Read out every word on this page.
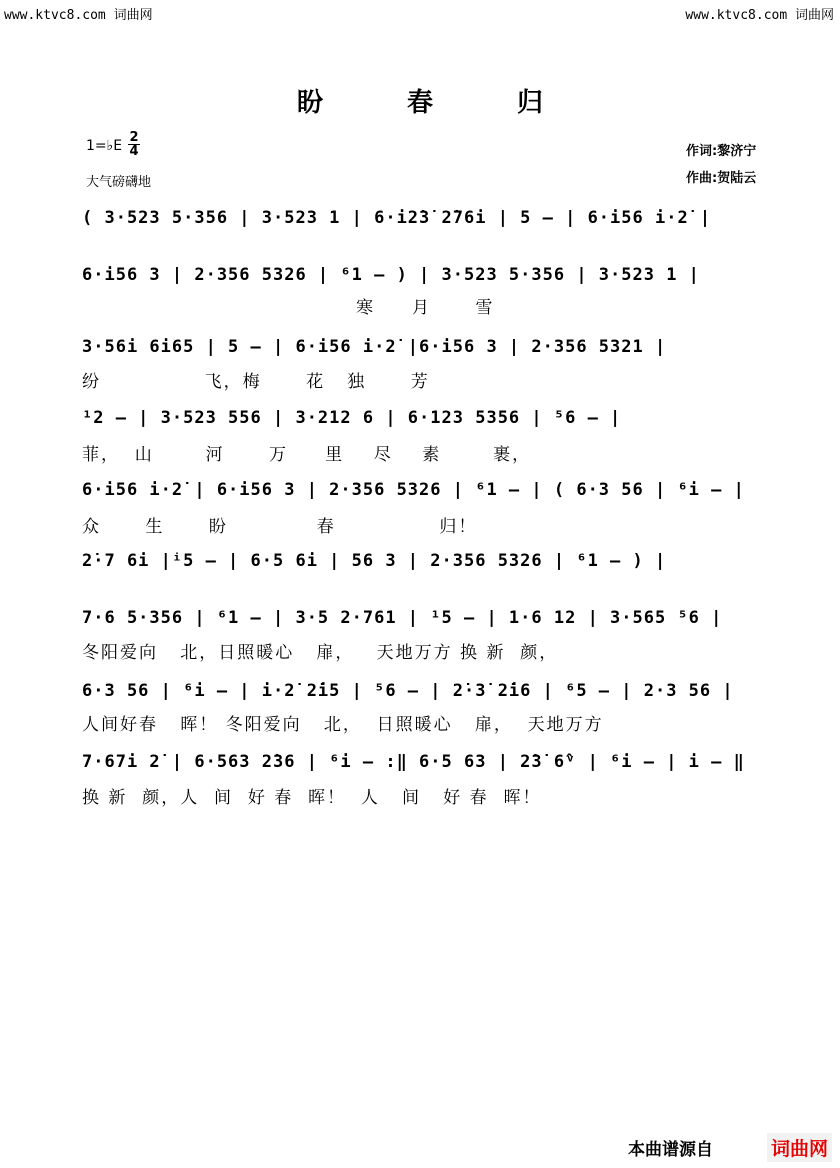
www.ktvc8.com 词曲网	www.ktvc8.com 词曲网
盼 春 归
1=♭E
2
4
大气磅礴地
作词:黎济宁
作曲:贺陆云
( 3·523 5·356 | 3·523 1 | 6·i2̇3̇ 2̇76i | 5 — | 6·i56 i·2̇ |
6·i56 3 | 2·356 5326 | ⁶1 — ) | 3·523 5·356 | 3·523 1 |
寒     月      雪
3·56i 6i65 | 5 — | 6·i56 i·2̇ |6·i56 3 | 2·356 5321 |
纷              飞，梅      花   独      芳
¹2 — | 3·523 556 | 3·212 6 | 6·123 5356 | ⁵6 — |
菲，  山       河      万     里    尽    素       裹，
6·i56 i·2̇ | 6·i56 3 | 2·356 5326 | ⁶1 — | ( 6·3 56 | ⁶i — |
众      生      盼            春              归！
2̇·7 6i |ⁱ5 — | 6·5 6i | 56 3 | 2·356 5326 | ⁶1 — ) |
7·6 5·356 | ⁶1 — | 3·5 2·761 | ¹5 — | 1·6 12 | 3·565 ⁵6 |
冬阳爱向   北，日照暖心   扉，   天地万方 换 新  颜，
6·3 56 | ⁶i — | i·2̇ 2̇i5 | ⁵6 — | 2̇·3̇ 2̇i6 | ⁶5 — | 2·3 56 |
人间好春   晖！ 冬阳爱向   北，  日照暖心   扉，  天地万方
7·67i 2̇ | 6·563 2̇36 | ⁶i — :‖ 6·5 63 | 2̇3̇ 6̂ᵛ | ⁶i — | i — ‖
换 新  颜，人  间  好 春  晖！  人   间   好 春  晖！
本曲谱源自	词曲网
